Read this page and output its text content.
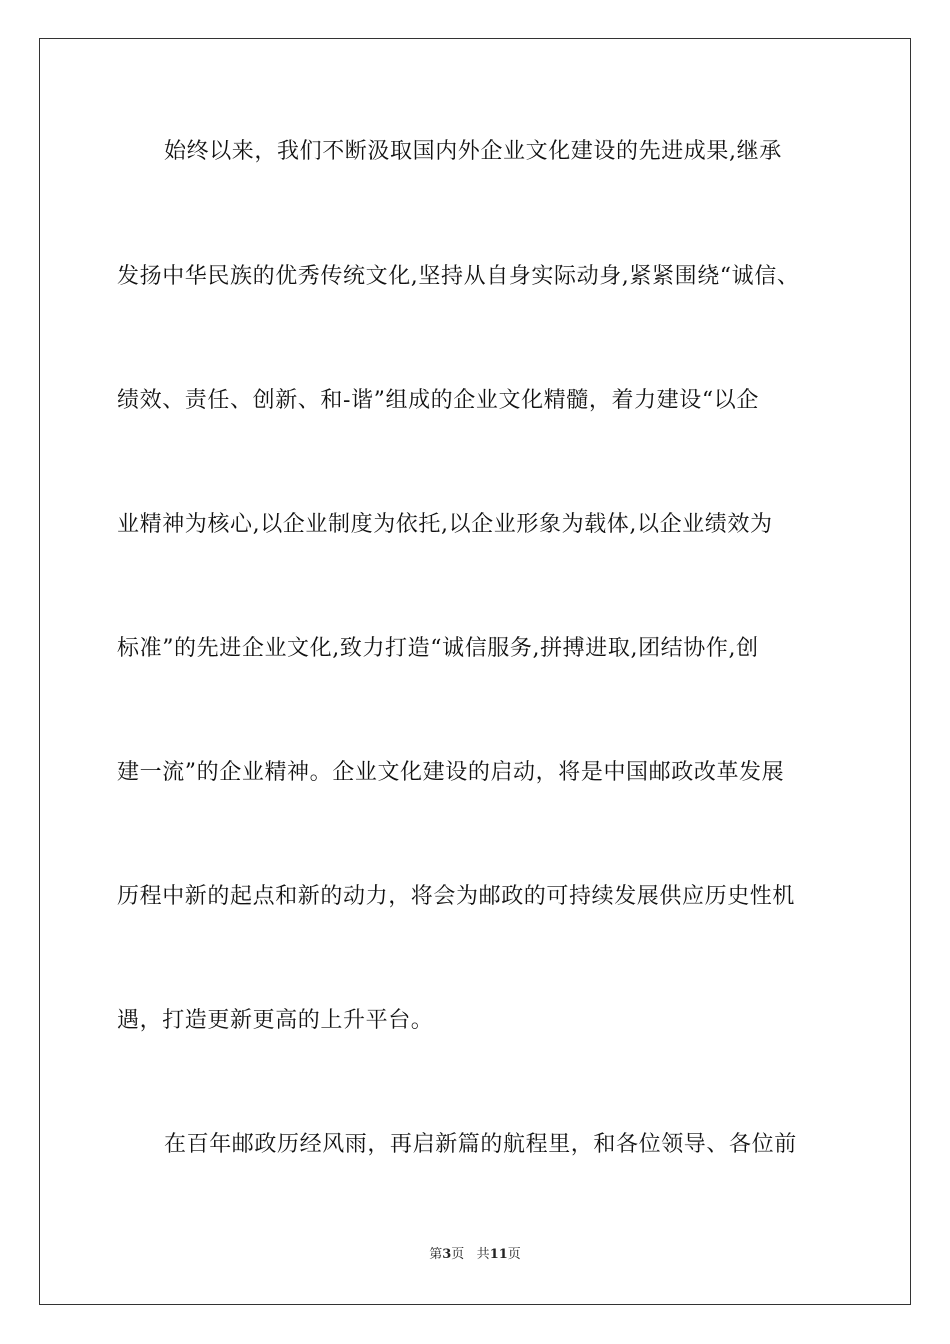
始终以来，我们不断汲取国内外企业文化建设的先进成果,继承
发扬中华民族的优秀传统文化,坚持从自身实际动身,紧紧围绕“诚信、
绩效、责任、创新、和-谐”组成的企业文化精髓，着力建设“以企
业精神为核心,以企业制度为依托,以企业形象为载体,以企业绩效为
标准”的先进企业文化,致力打造“诚信服务,拼搏进取,团结协作,创
建一流”的企业精神。企业文化建设的启动，将是中国邮政改革发展
历程中新的起点和新的动力，将会为邮政的可持续发展供应历史性机
遇，打造更新更高的上升平台。
在百年邮政历经风雨，再启新篇的航程里，和各位领导、各位前
第3页 共11页
